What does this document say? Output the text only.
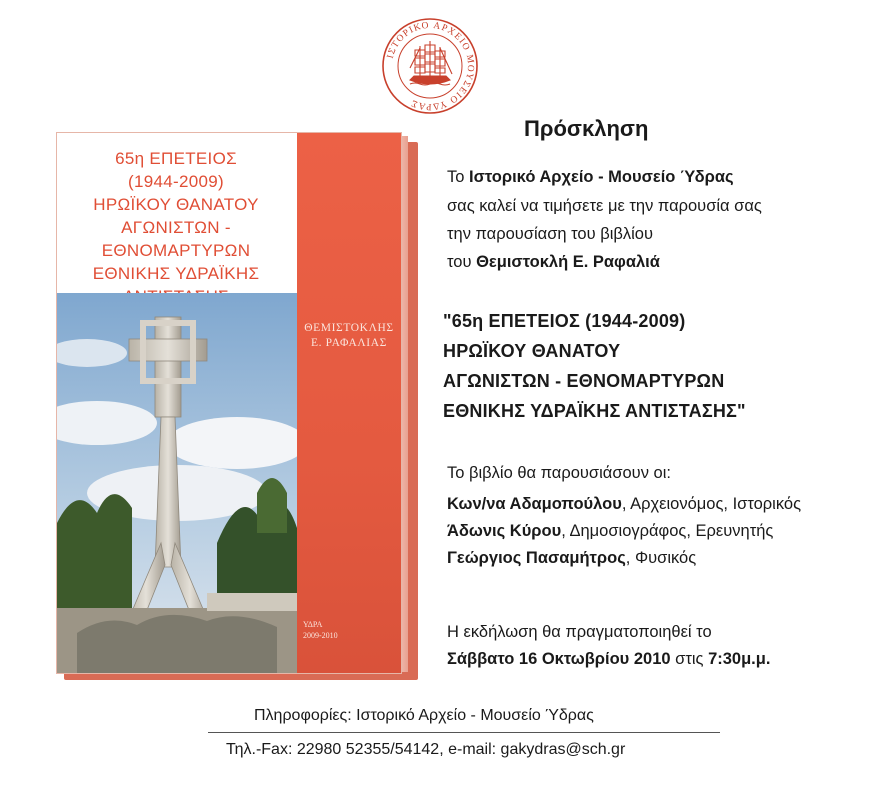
ΙΣΤΟΡΙΚΟ ΑΡΧΕΙΟ ΜΟΥΣΕΙΟ ΥΔΡΑΣ
65η ΕΠΕΤΕΙΟΣ
(1944-2009)
ΗΡΩΪΚΟΥ ΘΑΝΑΤΟΥ
ΑΓΩΝΙΣΤΩΝ -
ΕΘΝΟΜΑΡΤΥΡΩΝ
ΕΘΝΙΚΗΣ ΥΔΡΑΪΚΗΣ
ΘΕΜΙΣΤΟΚΛΗΣ
Ε. ΡΑΦΑΛΙΑΣ
ΥΔΡΑ
2009-2010
Πρόσκληση
Το Ιστορικό Αρχείο - Μουσείο Ύδρας
σας καλεί να τιμήσετε με την παρουσία σας
την παρουσίαση του βιβλίου
του Θεμιστοκλή Ε. Ραφαλιά
"65η ΕΠΕΤΕΙΟΣ (1944-2009)
ΗΡΩΪΚΟΥ ΘΑΝΑΤΟΥ
ΑΓΩΝΙΣΤΩΝ - ΕΘΝΟΜΑΡΤΥΡΩΝ
ΕΘΝΙΚΗΣ ΥΔΡΑΪΚΗΣ ΑΝΤΙΣΤΑΣΗΣ"
Το βιβλίο θα παρουσιάσουν οι:
Κων/να Αδαμοπούλου, Αρχειονόμος, Ιστορικός
Άδωνις Κύρου, Δημοσιογράφος, Ερευνητής
Γεώργιος Πασαμήτρος, Φυσικός
Η εκδήλωση θα πραγματοποιηθεί το
Σάββατο 16 Οκτωβρίου 2010 στις 7:30μ.μ.
Πληροφορίες: Ιστορικό Αρχείο - Μουσείο Ύδρας
Τηλ.-Fax: 22980 52355/54142, e-mail: gakydras@sch.gr
